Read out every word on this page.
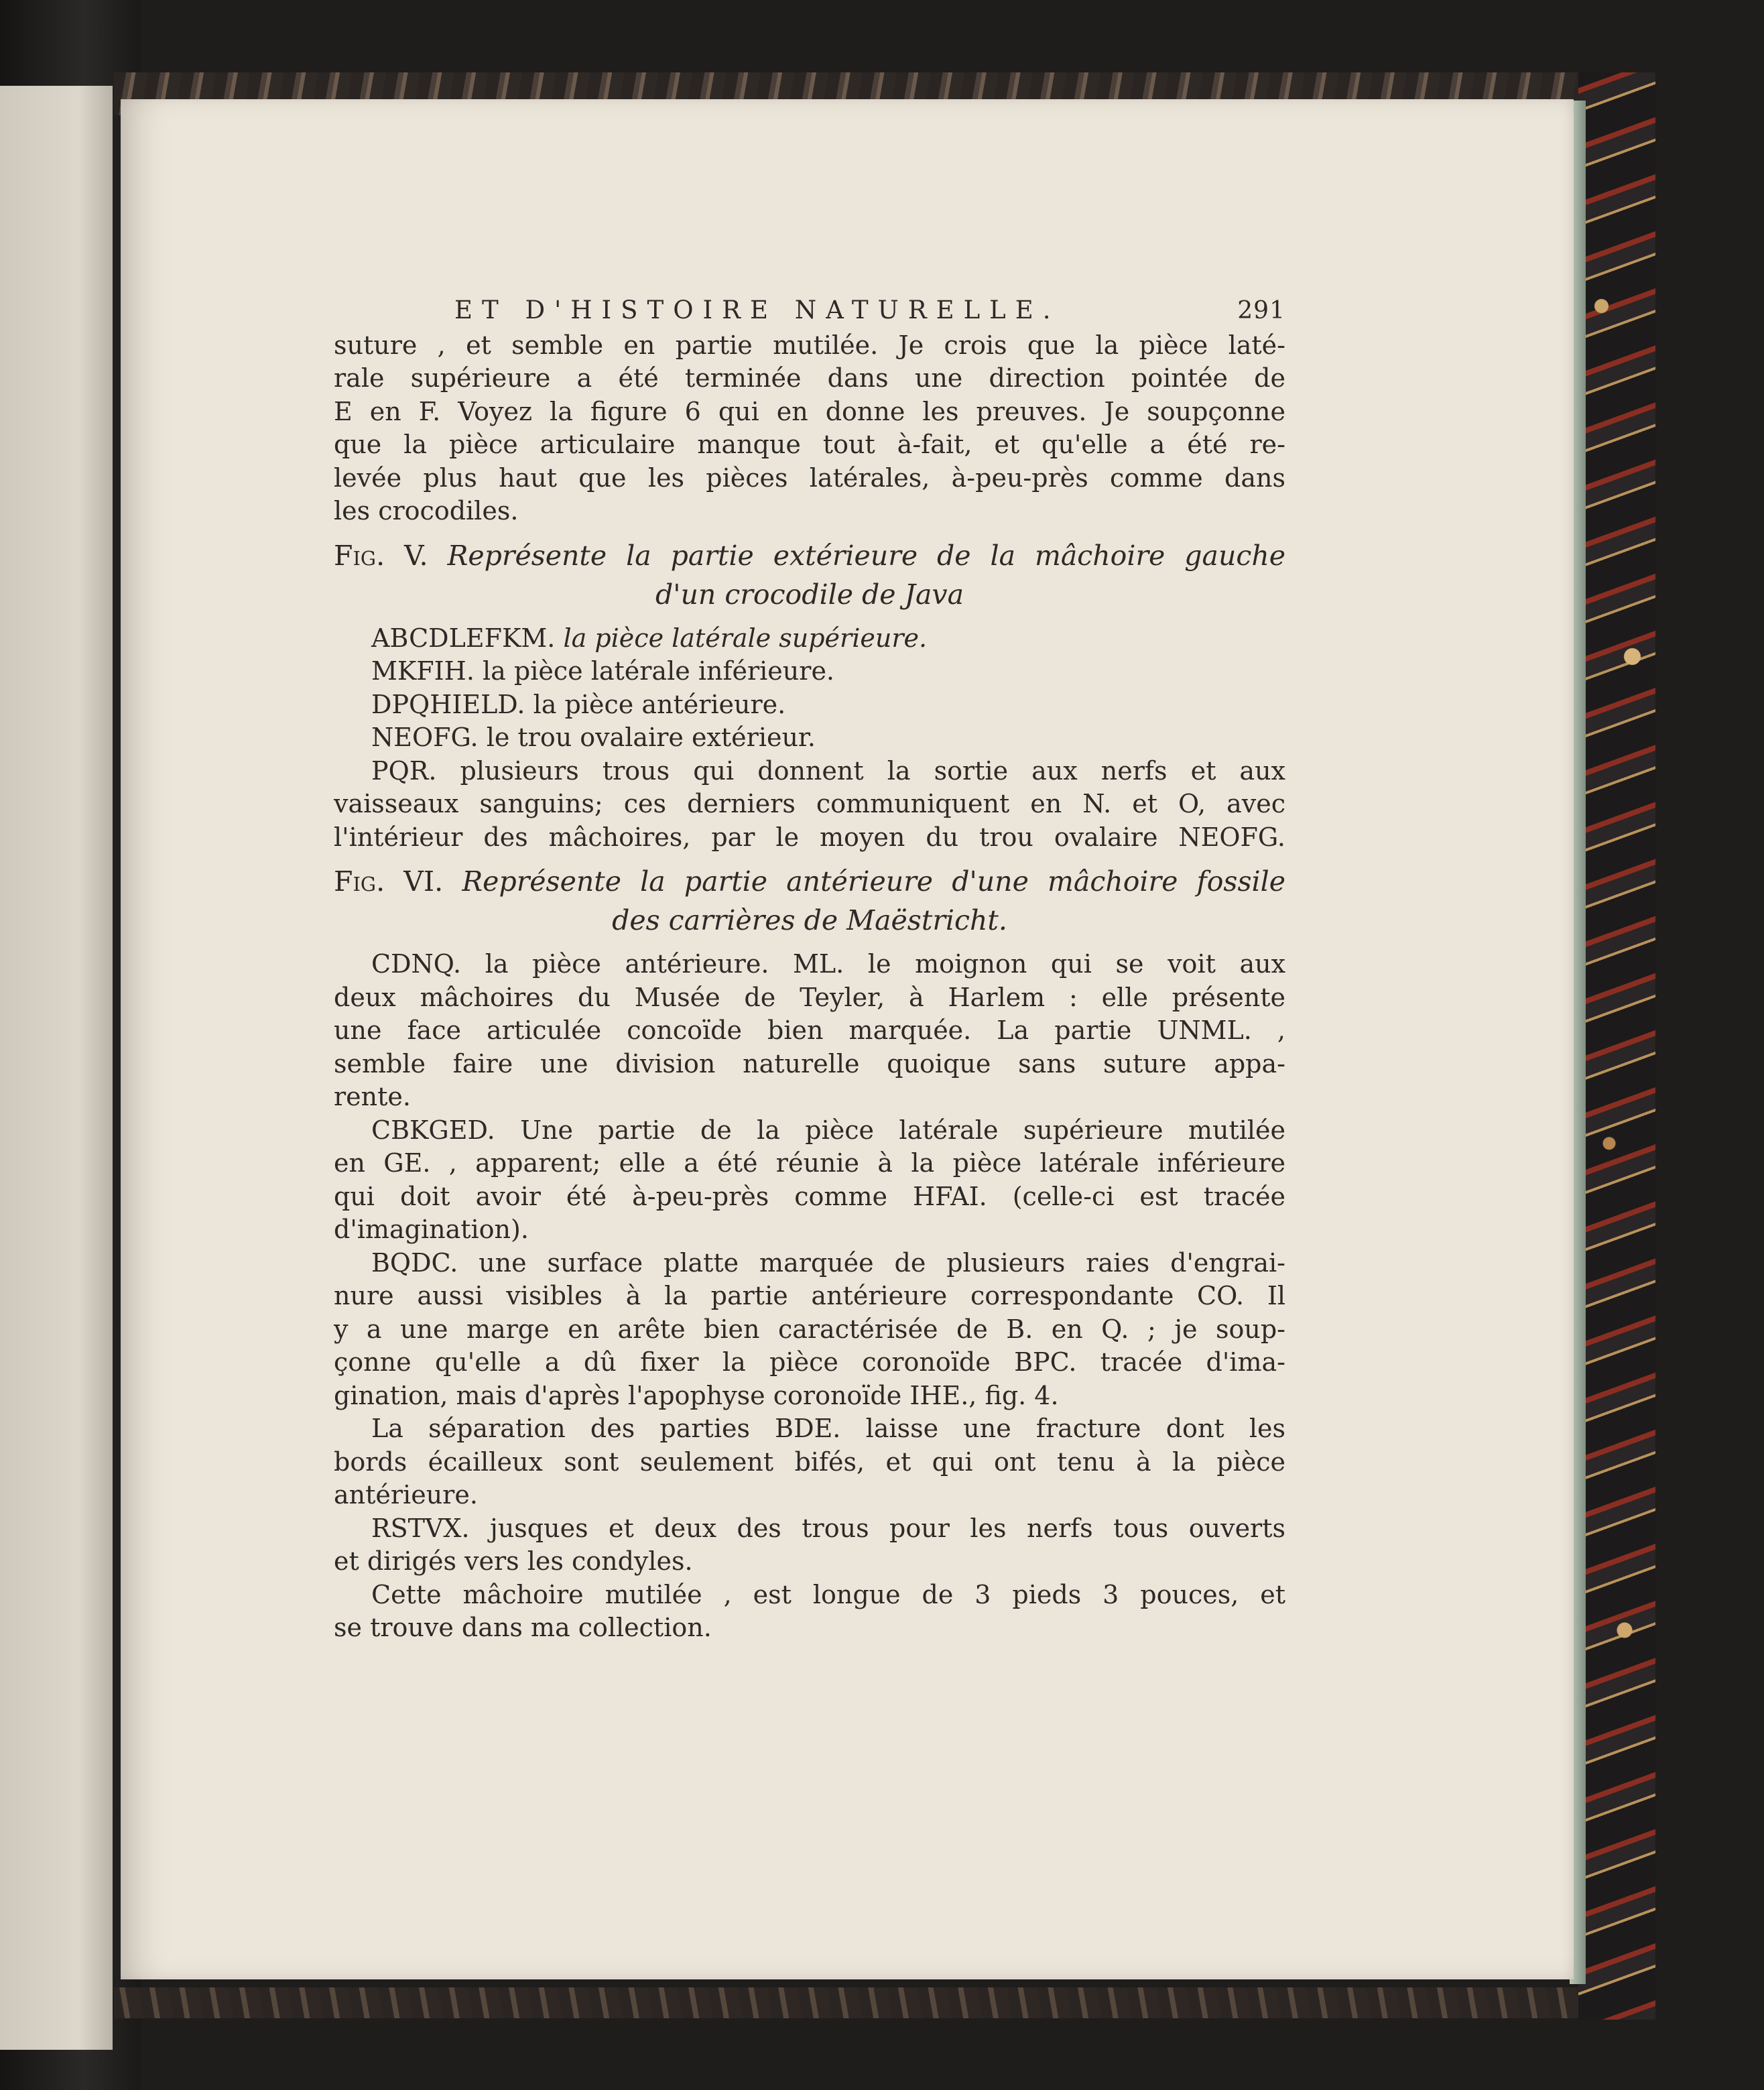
ET D'HISTOIRE NATURELLE.	291
suture , et semble en partie mutilée. Je crois que la pièce laté-
rale supérieure a été terminée dans une direction pointée de
E en F. Voyez la figure 6 qui en donne les preuves. Je soupçonne
que la pièce articulaire manque tout à-fait, et qu'elle a été re-
levée plus haut que les pièces latérales, à-peu-près comme dans
les crocodiles.
Fig. V. Représente la partie extérieure de la mâchoire gauche
d'un crocodile de Java
ABCDLEFKM. la pièce latérale supérieure.
MKFIH. la pièce latérale inférieure.
DPQHIELD. la pièce antérieure.
NEOFG. le trou ovalaire extérieur.
PQR. plusieurs trous qui donnent la sortie aux nerfs et aux
vaisseaux sanguins; ces derniers communiquent en N. et O, avec
l'intérieur des mâchoires, par le moyen du trou ovalaire NEOFG.
Fig. VI. Représente la partie antérieure d'une mâchoire fossile
des carrières de Maëstricht.
CDNQ. la pièce antérieure. ML. le moignon qui se voit aux
deux mâchoires du Musée de Teyler, à Harlem : elle présente
une face articulée concoïde bien marquée. La partie UNML. ,
semble faire une division naturelle quoique sans suture appa-
rente.
CBKGED. Une partie de la pièce latérale supérieure mutilée
en GE. , apparent; elle a été réunie à la pièce latérale inférieure
qui doit avoir été à-peu-près comme HFAI. (celle-ci est tracée
d'imagination).
BQDC. une surface platte marquée de plusieurs raies d'engrai-
nure aussi visibles à la partie antérieure correspondante CO. Il
y a une marge en arête bien caractérisée de B. en Q. ; je soup-
çonne qu'elle a dû fixer la pièce coronoïde BPC. tracée d'ima-
gination, mais d'après l'apophyse coronoïde IHE., fig. 4.
La séparation des parties BDE. laisse une fracture dont les
bords écailleux sont seulement bifés, et qui ont tenu à la pièce
antérieure.
RSTVX. jusques et deux des trous pour les nerfs tous ouverts
et dirigés vers les condyles.
Cette mâchoire mutilée , est longue de 3 pieds 3 pouces, et
se trouve dans ma collection.
